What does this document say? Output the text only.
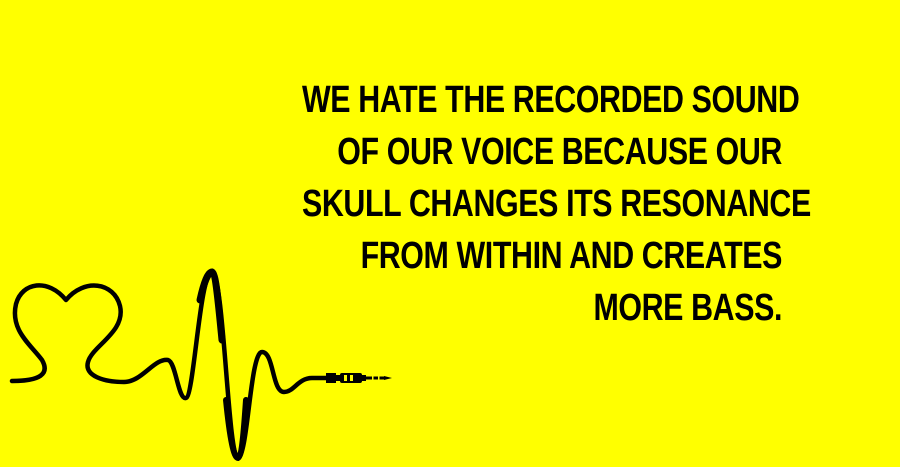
WE HATE THE RECORDED SOUND
OF OUR VOICE BECAUSE OUR
SKULL CHANGES ITS RESONANCE
FROM WITHIN AND CREATES
MORE BASS.
